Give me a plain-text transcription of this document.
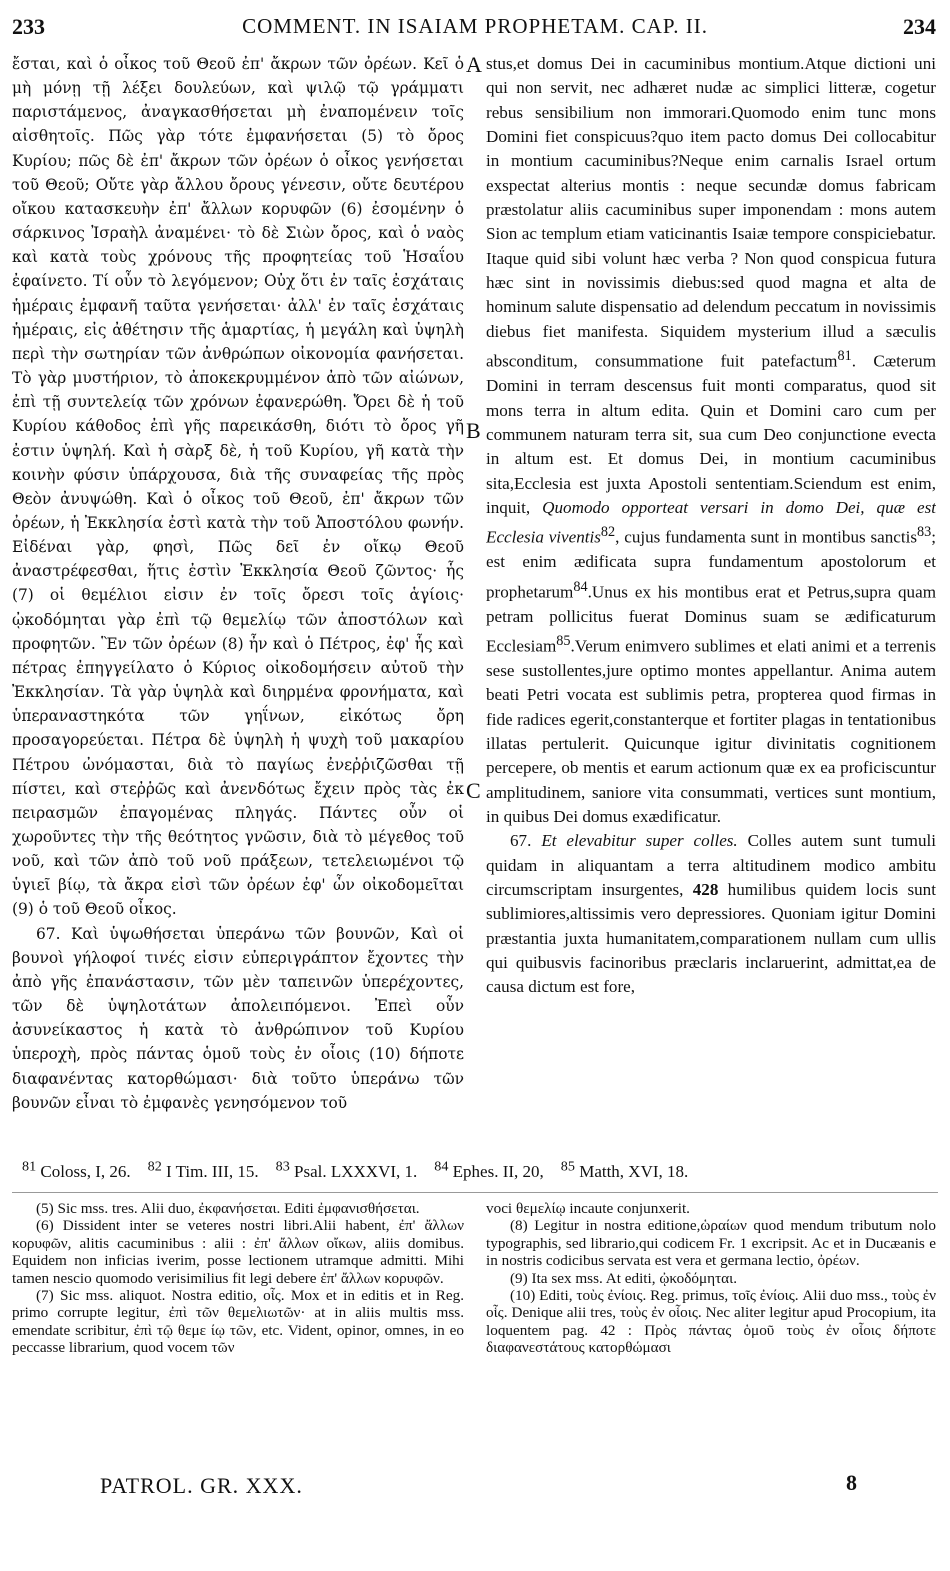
233	COMMENT. IN ISAIAM PROPHETAM. CAP. II.	234

ἔσται, καὶ ὁ οἶκος τοῦ Θεοῦ ἐπ' ἄκρων τῶν ὀρέων. Κεῖ ὁ μὴ μόνῃ τῇ λέξει δουλεύων, καὶ ψιλῷ τῷ γράμματι παριστάμενος, ἀναγκασθήσεται μὴ ἐναπομένειν τοῖς αἰσθητοῖς. Πῶς γὰρ τότε ἐμφανήσεται (5) τὸ ὄρος Κυρίου; πῶς δὲ ἐπ' ἄκρων τῶν ὀρέων ὁ οἶκος γενήσεται τοῦ Θεοῦ; Οὔτε γὰρ ἄλλου ὄρους γένεσιν, οὔτε δευτέρου οἴκου κατασκευὴν ἐπ' ἄλλων κορυφῶν (6) ἐσομένην ὁ σάρκινος Ἰσραὴλ ἀναμένει· τὸ δὲ Σιὼν ὄρος, καὶ ὁ ναὸς καὶ κατὰ τοὺς χρόνους τῆς προφητείας τοῦ Ἡσαΐου ἐφαίνετο. Τί οὖν τὸ λεγόμενον; Οὐχ ὅτι ἐν ταῖς ἐσχάταις ἡμέραις ἐμφανῆ ταῦτα γενήσεται· ἀλλ' ἐν ταῖς ἐσχάταις ἡμέραις, εἰς ἀθέτησιν τῆς ἁμαρτίας, ἡ μεγάλη καὶ ὑψηλὴ περὶ τὴν σωτηρίαν τῶν ἀνθρώπων οἰκονομία φανήσεται. Τὸ γὰρ μυστήριον, τὸ ἀποκεκρυμμένον ἀπὸ τῶν αἰώνων, ἐπὶ τῇ συντελείᾳ τῶν χρόνων ἐφανερώθη. Ὄρει δὲ ἡ τοῦ Κυρίου κάθοδος ἐπὶ γῆς παρεικάσθη, διότι τὸ ὄρος γῆ ἐστιν ὑψηλή. Καὶ ἡ σὰρξ δὲ, ἡ τοῦ Κυρίου, γῆ κατὰ τὴν κοινὴν φύσιν ὑπάρχουσα, διὰ τῆς συναφείας τῆς πρὸς Θεὸν ἀνυψώθη. Καὶ ὁ οἶκος τοῦ Θεοῦ, ἐπ' ἄκρων τῶν ὀρέων, ἡ Ἐκκλησία ἐστὶ κατὰ τὴν τοῦ Ἀποστόλου φωνήν. Εἰδέναι γὰρ, φησὶ, Πῶς δεῖ ἐν οἴκῳ Θεοῦ ἀναστρέφεσθαι, ἥτις ἐστὶν Ἐκκλησία Θεοῦ ζῶντος· ἧς (7) οἱ θεμέλιοι εἰσιν ἐν τοῖς ὄρεσι τοῖς ἁγίοις· ᾠκοδόμηται γὰρ ἐπὶ τῷ θεμελίῳ τῶν ἀποστόλων καὶ προφητῶν. Ἓν τῶν ὀρέων (8) ἦν καὶ ὁ Πέτρος, ἐφ' ἧς καὶ πέτρας ἐπηγγείλατο ὁ Κύριος οἰκοδομήσειν αὐτοῦ τὴν Ἐκκλησίαν. Τὰ γὰρ ὑψηλὰ καὶ διηρμένα φρονήματα, καὶ ὑπεραναστηκότα τῶν γηΐνων, εἰκότως ὄρη προσαγορεύεται. Πέτρα δὲ ὑψηλὴ ἡ ψυχὴ τοῦ μακαρίου Πέτρου ὠνόμασται, διὰ τὸ παγίως ἐνεῤῥιζῶσθαι τῇ πίστει, καὶ στεῤῥῶς καὶ ἀνενδότως ἔχειν πρὸς τὰς ἐκ πειρασμῶν ἐπαγομένας πληγάς. Πάντες οὖν οἱ χωροῦντες τὴν τῆς θεότητος γνῶσιν, διὰ τὸ μέγεθος τοῦ νοῦ, καὶ τῶν ἀπὸ τοῦ νοῦ πράξεων, τετελειωμένοι τῷ ὑγιεῖ βίῳ, τὰ ἄκρα εἰσὶ τῶν ὀρέων ἐφ' ὧν οἰκοδομεῖται (9) ὁ τοῦ Θεοῦ οἶκος.

67. Καὶ ὑψωθήσεται ὑπεράνω τῶν βουνῶν, Καὶ οἱ βουνοὶ γήλοφοί τινές εἰσιν εὐπεριγράπτον ἔχοντες τὴν ἀπὸ γῆς ἐπανάστασιν, τῶν μὲν ταπεινῶν ὑπερέχοντες, τῶν δὲ ὑψηλοτάτων ἀπολειπόμενοι. Ἐπεὶ οὖν ἀσυνείκαστος ἡ κατὰ τὸ ἀνθρώπινον τοῦ Κυρίου ὑπεροχὴ, πρὸς πάντας ὁμοῦ τοὺς ἐν οἷοις (10) δήποτε διαφανέντας κατορθώμασι· διὰ τοῦτο ὑπεράνω τῶν βουνῶν εἶναι τὸ ἐμφανὲς γενησόμενον τοῦ

A
B
C

stus,et domus Dei in cacuminibus montium.Atque dictioni uni qui non servit, nec adhæret nudæ ac simplici litteræ, cogetur rebus sensibilium non immorari.Quomodo enim tunc mons Domini fiet conspicuus?quo item pacto domus Dei collocabitur in montium cacuminibus?Neque enim carnalis Israel ortum exspectat alterius montis : neque secundæ domus fabricam præstolatur aliis cacuminibus super imponendam : mons autem Sion ac templum etiam vaticinantis Isaiæ tempore conspiciebatur. Itaque quid sibi volunt hæc verba ? Non quod conspicua futura hæc sint in novissimis diebus:sed quod magna et alta de hominum salute dispensatio ad delendum peccatum in novissimis diebus fiet manifesta. Siquidem mysterium illud a sæculis absconditum, consummatione fuit patefactum$^{81}$. Cæterum Domini in terram descensus fuit monti comparatus, quod sit mons terra in altum edita. Quin et Domini caro cum per communem naturam terra sit, sua cum Deo conjunctione evecta in altum est. Et domus Dei, in montium cacuminibus sita,Ecclesia est juxta Apostoli sententiam.Sciendum est enim, inquit, Quomodo opporteat versari in domo Dei, quæ est Ecclesia viventis$^{82}$, cujus fundamenta sunt in montibus sanctis$^{83}$; est enim ædificata supra fundamentum apostolorum et prophetarum$^{84}$.Unus ex his montibus erat et Petrus,supra quam petram pollicitus fuerat Dominus suam se ædificaturum Ecclesiam$^{85}$.Verum enimvero sublimes et elati animi et a terrenis sese sustollentes,jure optimo montes appellantur. Anima autem beati Petri vocata est sublimis petra, propterea quod firmas in fide radices egerit,constanterque et fortiter plagas in tentationibus illatas pertulerit. Quicunque igitur divinitatis cognitionem percepere, ob mentis et earum actionum quæ ex ea proficiscuntur amplitudinem, saniore vita consummati, vertices sunt montium, in quibus Dei domus exædificatur.

67. Et elevabitur super colles. Colles autem sunt tumuli quidam in aliquantam a terra altitudinem modico ambitu circumscriptam insurgentes, 428 humilibus quidem locis sunt sublimiores,altissimis vero depressiores. Quoniam igitur Domini præstantia juxta humanitatem,comparationem nullam cum ullis qui quibusvis facinoribus præclaris inclaruerint, admittat,ea de causa dictum est fore,

$^{81}$ Coloss, I, 26. $^{82}$ I Tim. III, 15. $^{83}$ Psal. LXXXVI, 1. $^{84}$ Ephes. II, 20, $^{85}$ Matth, XVI, 18.

(5) Sic mss. tres. Alii duo, ἐκφανήσεται. Editi ἐμφανισθήσεται.

(6) Dissident inter se veteres nostri libri.Alii habent, ἐπ' ἄλλων κορυφῶν, alitis cacuminibus : alii : ἐπ' ἄλλων οἴκων, aliis domibus. Equidem non inficias iverim, posse lectionem utramque admitti. Mihi tamen nescio quomodo verisimilius fit legi debere ἐπ' ἄλλων κορυφῶν.

(7) Sic mss. aliquot. Nostra editio, οἷς. Mox et in editis et in Reg. primo corrupte legitur, ἐπὶ τῶν θεμελιωτῶν· at in aliis multis mss. emendate scribitur, ἐπὶ τῷ θεμε ίῳ τῶν, etc. Vident, opinor, omnes, in eo peccasse librarium, quod vocem τῶν

voci θεμελίῳ incaute conjunxerit.

(8) Legitur in nostra editione,ὡραίων quod mendum tributum nolo typographis, sed librario,qui codicem Fr. 1 excripsit. Ac et in Ducæanis e in nostris codicibus servata est vera et germana lectio, ὀρέων.

(9) Ita sex mss. At editi, ᾠκοδόμηται.

(10) Editi, τοὺς ἐνίοις. Reg. primus, τοῖς ἐνίοις. Alii duo mss., τοὺς ἐν οἷς. Denique alii tres, τοὺς ἐν οἷοις. Nec aliter legitur apud Procopium, ita loquentem pag. 42 : Πρὸς πάντας ὁμοῦ τοὺς ἐν οἷοις δήποτε διαφανεστάτους κατορθώμασι

PATROL. GR. XXX.	8
